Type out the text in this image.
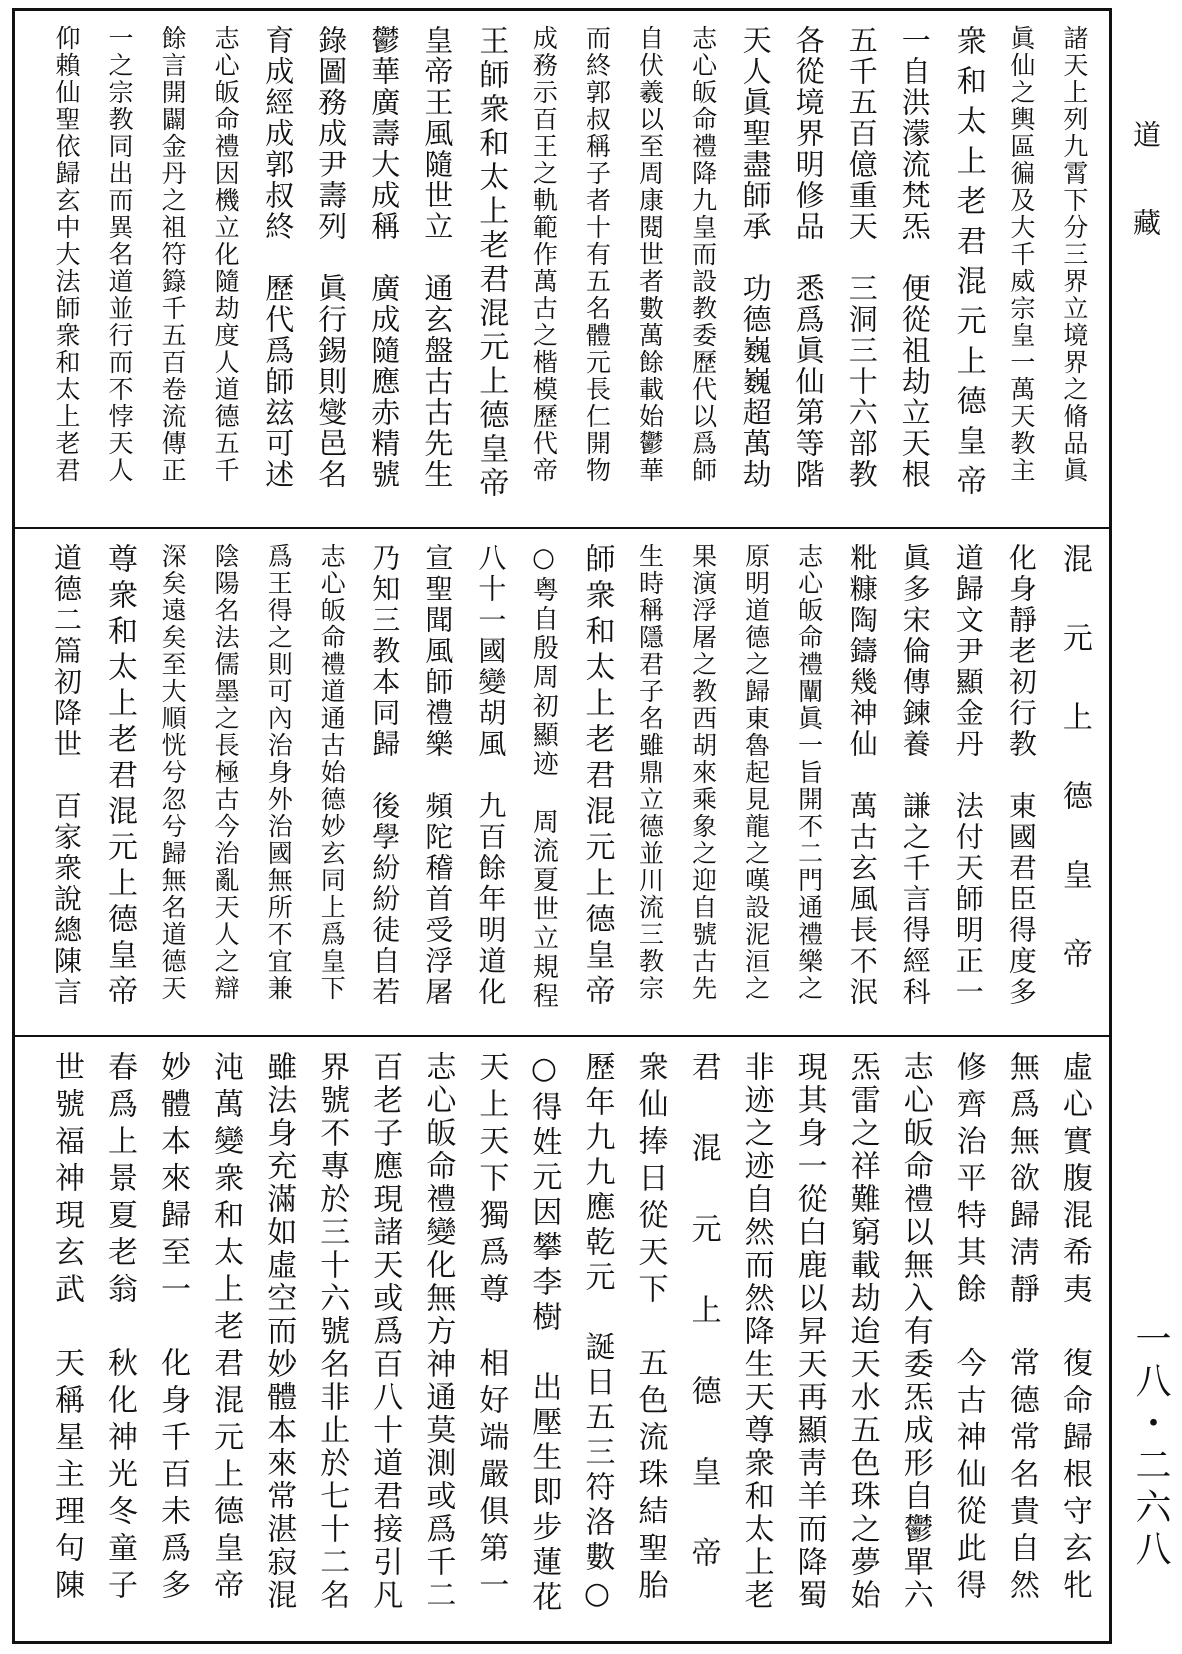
道藏
諸天上列九霄下分三界立境界之脩品眞
眞仙之輿區徧及大千威宗皇一萬天教主
衆和太上老君混元上德皇帝
一自洪濛流梵炁　便從祖劫立天根
五千五百億重天　三洞三十六部教
各從境界明修品　悉爲眞仙第等階
天人眞聖盡師承　功德巍巍超萬劫
志心皈命禮降九皇而設教委歷代以爲師
自伏羲以至周康閱世者數萬餘載始鬱華
而終郭叔稱子者十有五名體元長仁開物
成務示百王之軌範作萬古之楷模歷代帝
王師衆和太上老君混元上德皇帝
皇帝王風隨世立　通玄盤古古先生
鬱華廣壽大成稱　廣成隨應赤精號
錄圖務成尹壽列　眞行錫則燮邑名
育成經成郭叔終　歷代爲師玆可述
志心皈命禮因機立化隨劫度人道德五千
餘言開闢金丹之祖符籙千五百卷流傳正
一之宗教同出而異名道並行而不悖天人
仰賴仙聖依歸玄中大法師衆和太上老君
混元上德皇帝
化身靜老初行教　東國君臣得度多
道歸文尹顯金丹　法付天師明正一
眞多宋倫傳鍊養　謙之千言得經科
粃糠陶鑄幾神仙　萬古玄風長不泯
志心皈命禮闡眞一旨開不二門通禮樂之
原明道德之歸東魯起見龍之嘆設泥洹之
果演浮屠之教西胡來乘象之迎自號古先
生時稱隱君子名雖鼎立德並川流三教宗
師衆和太上老君混元上德皇帝
○粤自殷周初顯迹　周流夏世立規程
八十一國變胡風　九百餘年明道化
宣聖聞風師禮樂　頻陀稽首受浮屠
乃知三教本同歸　後學紛紛徒自若
志心皈命禮道通古始德妙玄同上爲皇下
爲王得之則可內治身外治國無所不宜兼
陰陽名法儒墨之長極古今治亂天人之辯
深矣遠矣至大順恍兮忽兮歸無名道德天
尊衆和太上老君混元上德皇帝
道德二篇初降世　百家衆說總陳言
虛心實腹混希夷　復命歸根守玄牝
無爲無欲歸淸靜　常德常名貴自然
修齊治平特其餘　今古神仙從此得
志心皈命禮以無入有委炁成形自鬱單六
炁雷之祥難窮載劫迨天水五色珠之夢始
現其身一從白鹿以昇天再顯靑羊而降蜀
非迹之迹自然而然降生天尊衆和太上老
君混元上德皇帝
衆仙捧日從天下　五色流珠結聖胎
歷年九九應乾元　誕日五三符洛數○
○得姓元因攀李樹　出壓生即步蓮花
天上天下獨爲尊　相好端嚴俱第一
志心皈命禮變化無方神通莫測或爲千二
百老子應現諸天或爲百八十道君接引凡
界號不專於三十六號名非止於七十二名
雖法身充滿如虛空而妙體本來常湛寂混
沌萬變衆和太上老君混元上德皇帝
妙體本來歸至一　化身千百未爲多
春爲上景夏老翁　秋化神光冬童子
世號福神現玄武　天稱星主理句陳	一八・二六八
